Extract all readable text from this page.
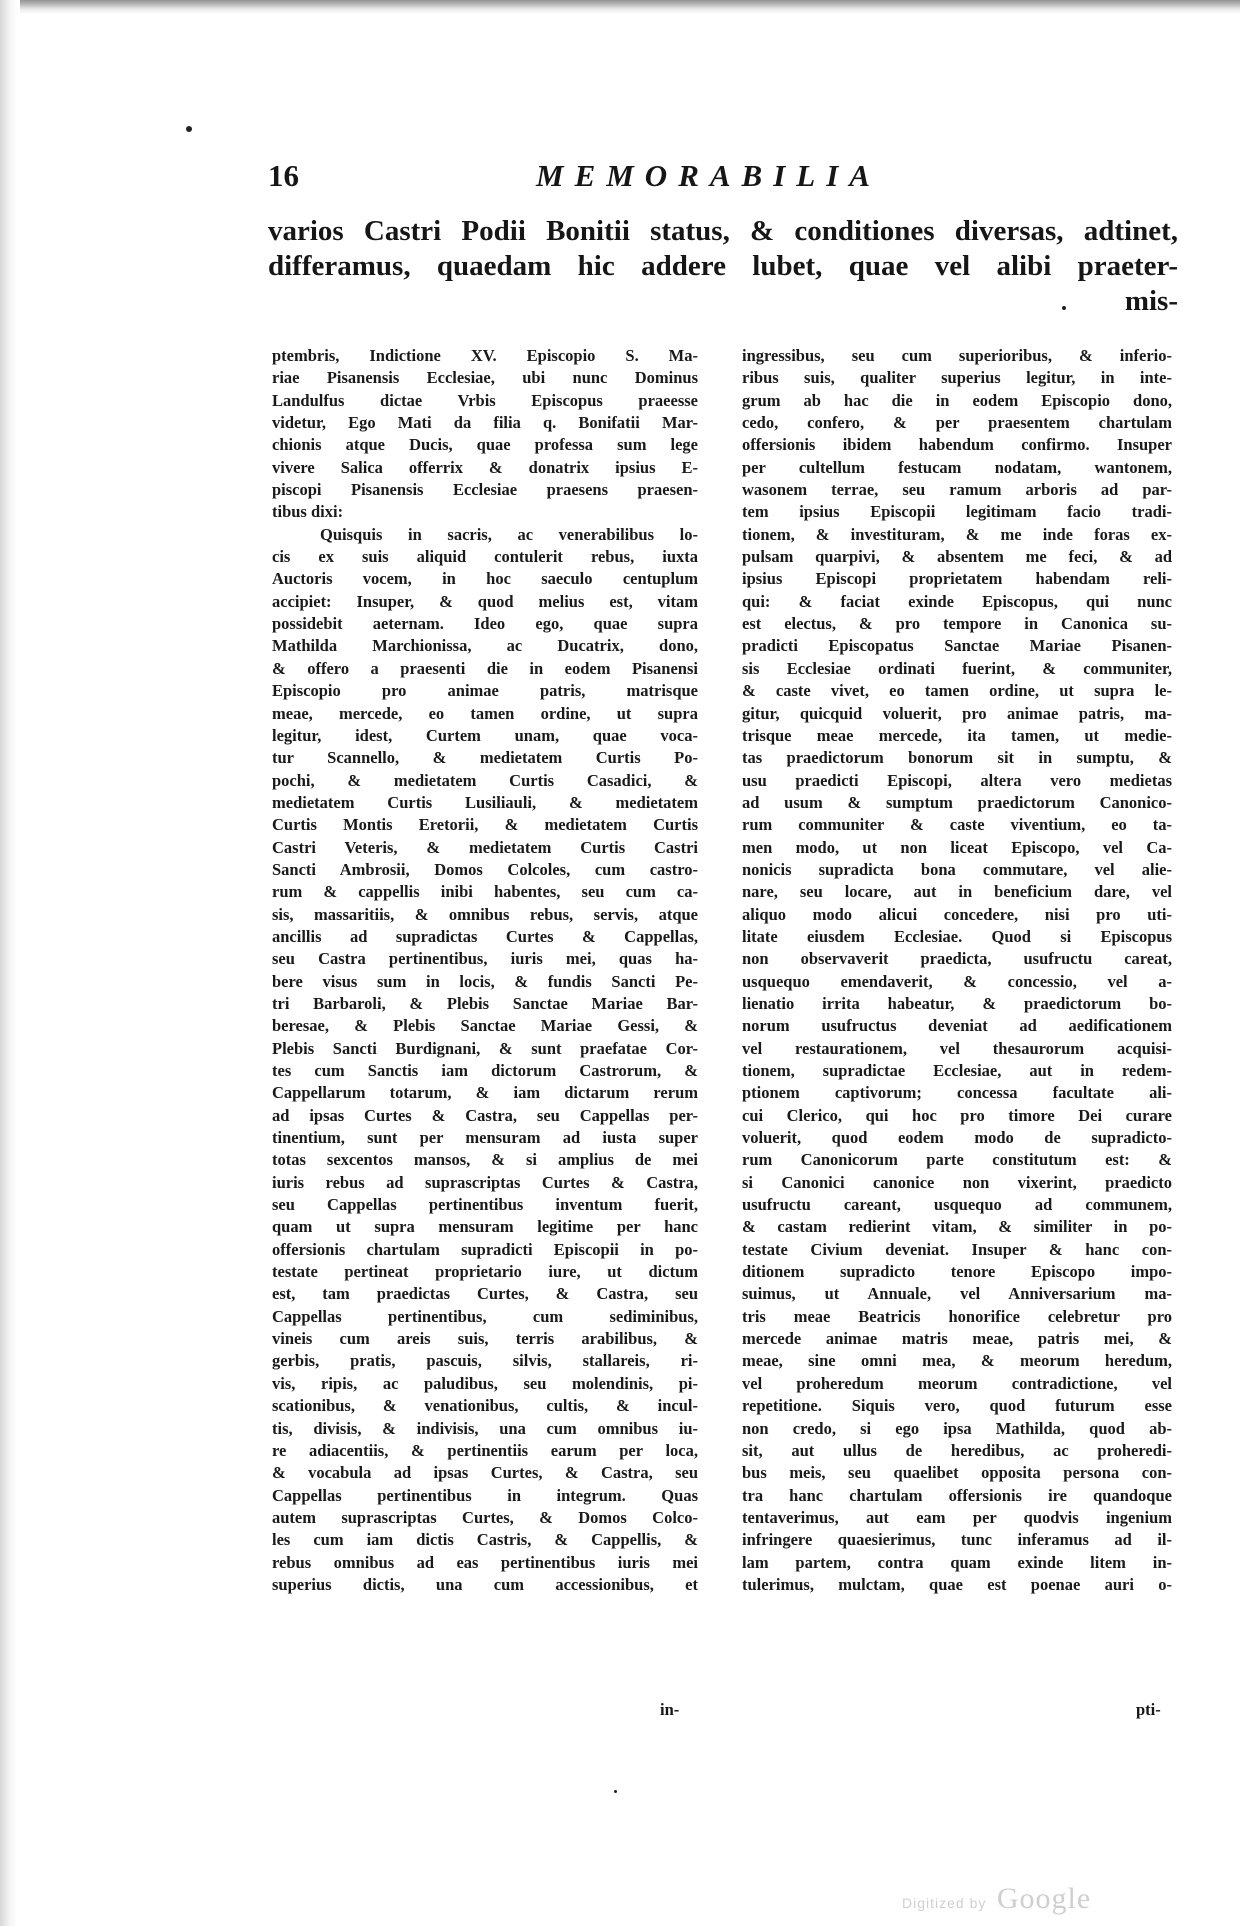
16	MEMORABILIA
varios Castri Podii Bonitii status, & conditiones diversas, adtinet,
differamus, quaedam hic addere lubet, quae vel alibi praeter-
mis-
ptembris, Indictione XV. Episcopio S. Ma-
riae Pisanensis Ecclesiae, ubi nunc Dominus
Landulfus dictae Vrbis Episcopus praeesse
videtur, Ego Mati da filia q. Bonifatii Mar-
chionis atque Ducis, quae professa sum lege
vivere Salica offerrix & donatrix ipsius E-
piscopi Pisanensis Ecclesiae praesens praesen-
tibus dixi:
Quisquis in sacris, ac venerabilibus lo-
cis ex suis aliquid contulerit rebus, iuxta
Auctoris vocem, in hoc saeculo centuplum
accipiet: Insuper, & quod melius est, vitam
possidebit aeternam. Ideo ego, quae supra
Mathilda Marchionissa, ac Ducatrix, dono,
& offero a praesenti die in eodem Pisanensi
Episcopio pro animae patris, matrisque
meae, mercede, eo tamen ordine, ut supra
legitur, idest, Curtem unam, quae voca-
tur Scannello, & medietatem Curtis Po-
pochi, & medietatem Curtis Casadici, &
medietatem Curtis Lusiliauli, & medietatem
Curtis Montis Eretorii, & medietatem Curtis
Castri Veteris, & medietatem Curtis Castri
Sancti Ambrosii, Domos Colcoles, cum castro-
rum & cappellis inibi habentes, seu cum ca-
sis, massaritiis, & omnibus rebus, servis, atque
ancillis ad supradictas Curtes & Cappellas,
seu Castra pertinentibus, iuris mei, quas ha-
bere visus sum in locis, & fundis Sancti Pe-
tri Barbaroli, & Plebis Sanctae Mariae Bar-
beresae, & Plebis Sanctae Mariae Gessi, &
Plebis Sancti Burdignani, & sunt praefatae Cor-
tes cum Sanctis iam dictorum Castrorum, &
Cappellarum totarum, & iam dictarum rerum
ad ipsas Curtes & Castra, seu Cappellas per-
tinentium, sunt per mensuram ad iusta super
totas sexcentos mansos, & si amplius de mei
iuris rebus ad suprascriptas Curtes & Castra,
seu Cappellas pertinentibus inventum fuerit,
quam ut supra mensuram legitime per hanc
offersionis chartulam supradicti Episcopii in po-
testate pertineat proprietario iure, ut dictum
est, tam praedictas Curtes, & Castra, seu
Cappellas pertinentibus, cum sediminibus,
vineis cum areis suis, terris arabilibus, &
gerbis, pratis, pascuis, silvis, stallareis, ri-
vis, ripis, ac paludibus, seu molendinis, pi-
scationibus, & venationibus, cultis, & incul-
tis, divisis, & indivisis, una cum omnibus iu-
re adiacentiis, & pertinentiis earum per loca,
& vocabula ad ipsas Curtes, & Castra, seu
Cappellas pertinentibus in integrum. Quas
autem suprascriptas Curtes, & Domos Colco-
les cum iam dictis Castris, & Cappellis, &
rebus omnibus ad eas pertinentibus iuris mei
superius dictis, una cum accessionibus, et
ingressibus, seu cum superioribus, & inferio-
ribus suis, qualiter superius legitur, in inte-
grum ab hac die in eodem Episcopio dono,
cedo, confero, & per praesentem chartulam
offersionis ibidem habendum confirmo. Insuper
per cultellum festucam nodatam, wantonem,
wasonem terrae, seu ramum arboris ad par-
tem ipsius Episcopii legitimam facio tradi-
tionem, & investituram, & me inde foras ex-
pulsam quarpivi, & absentem me feci, & ad
ipsius Episcopi proprietatem habendam reli-
qui: & faciat exinde Episcopus, qui nunc
est electus, & pro tempore in Canonica su-
pradicti Episcopatus Sanctae Mariae Pisanen-
sis Ecclesiae ordinati fuerint, & communiter,
& caste vivet, eo tamen ordine, ut supra le-
gitur, quicquid voluerit, pro animae patris, ma-
trisque meae mercede, ita tamen, ut medie-
tas praedictorum bonorum sit in sumptu, &
usu praedicti Episcopi, altera vero medietas
ad usum & sumptum praedictorum Canonico-
rum communiter & caste viventium, eo ta-
men modo, ut non liceat Episcopo, vel Ca-
nonicis supradicta bona commutare, vel alie-
nare, seu locare, aut in beneficium dare, vel
aliquo modo alicui concedere, nisi pro uti-
litate eiusdem Ecclesiae. Quod si Episcopus
non observaverit praedicta, usufructu careat,
usquequo emendaverit, & concessio, vel a-
lienatio irrita habeatur, & praedictorum bo-
norum usufructus deveniat ad aedificationem
vel restaurationem, vel thesaurorum acquisi-
tionem, supradictae Ecclesiae, aut in redem-
ptionem captivorum; concessa facultate ali-
cui Clerico, qui hoc pro timore Dei curare
voluerit, quod eodem modo de supradicto-
rum Canonicorum parte constitutum est: &
si Canonici canonice non vixerint, praedicto
usufructu careant, usquequo ad communem,
& castam redierint vitam, & similiter in po-
testate Civium deveniat. Insuper & hanc con-
ditionem supradicto tenore Episcopo impo-
suimus, ut Annuale, vel Anniversarium ma-
tris meae Beatricis honorifice celebretur pro
mercede animae matris meae, patris mei, &
meae, sine omni mea, & meorum heredum,
vel proheredum meorum contradictione, vel
repetitione. Siquis vero, quod futurum esse
non credo, si ego ipsa Mathilda, quod ab-
sit, aut ullus de heredibus, ac proheredi-
bus meis, seu quaelibet opposita persona con-
tra hanc chartulam offersionis ire quandoque
tentaverimus, aut eam per quodvis ingenium
infringere quaesierimus, tunc inferamus ad il-
lam partem, contra quam exinde litem in-
tulerimus, mulctam, quae est poenae auri o-
in-	pti-
Digitized by Google
